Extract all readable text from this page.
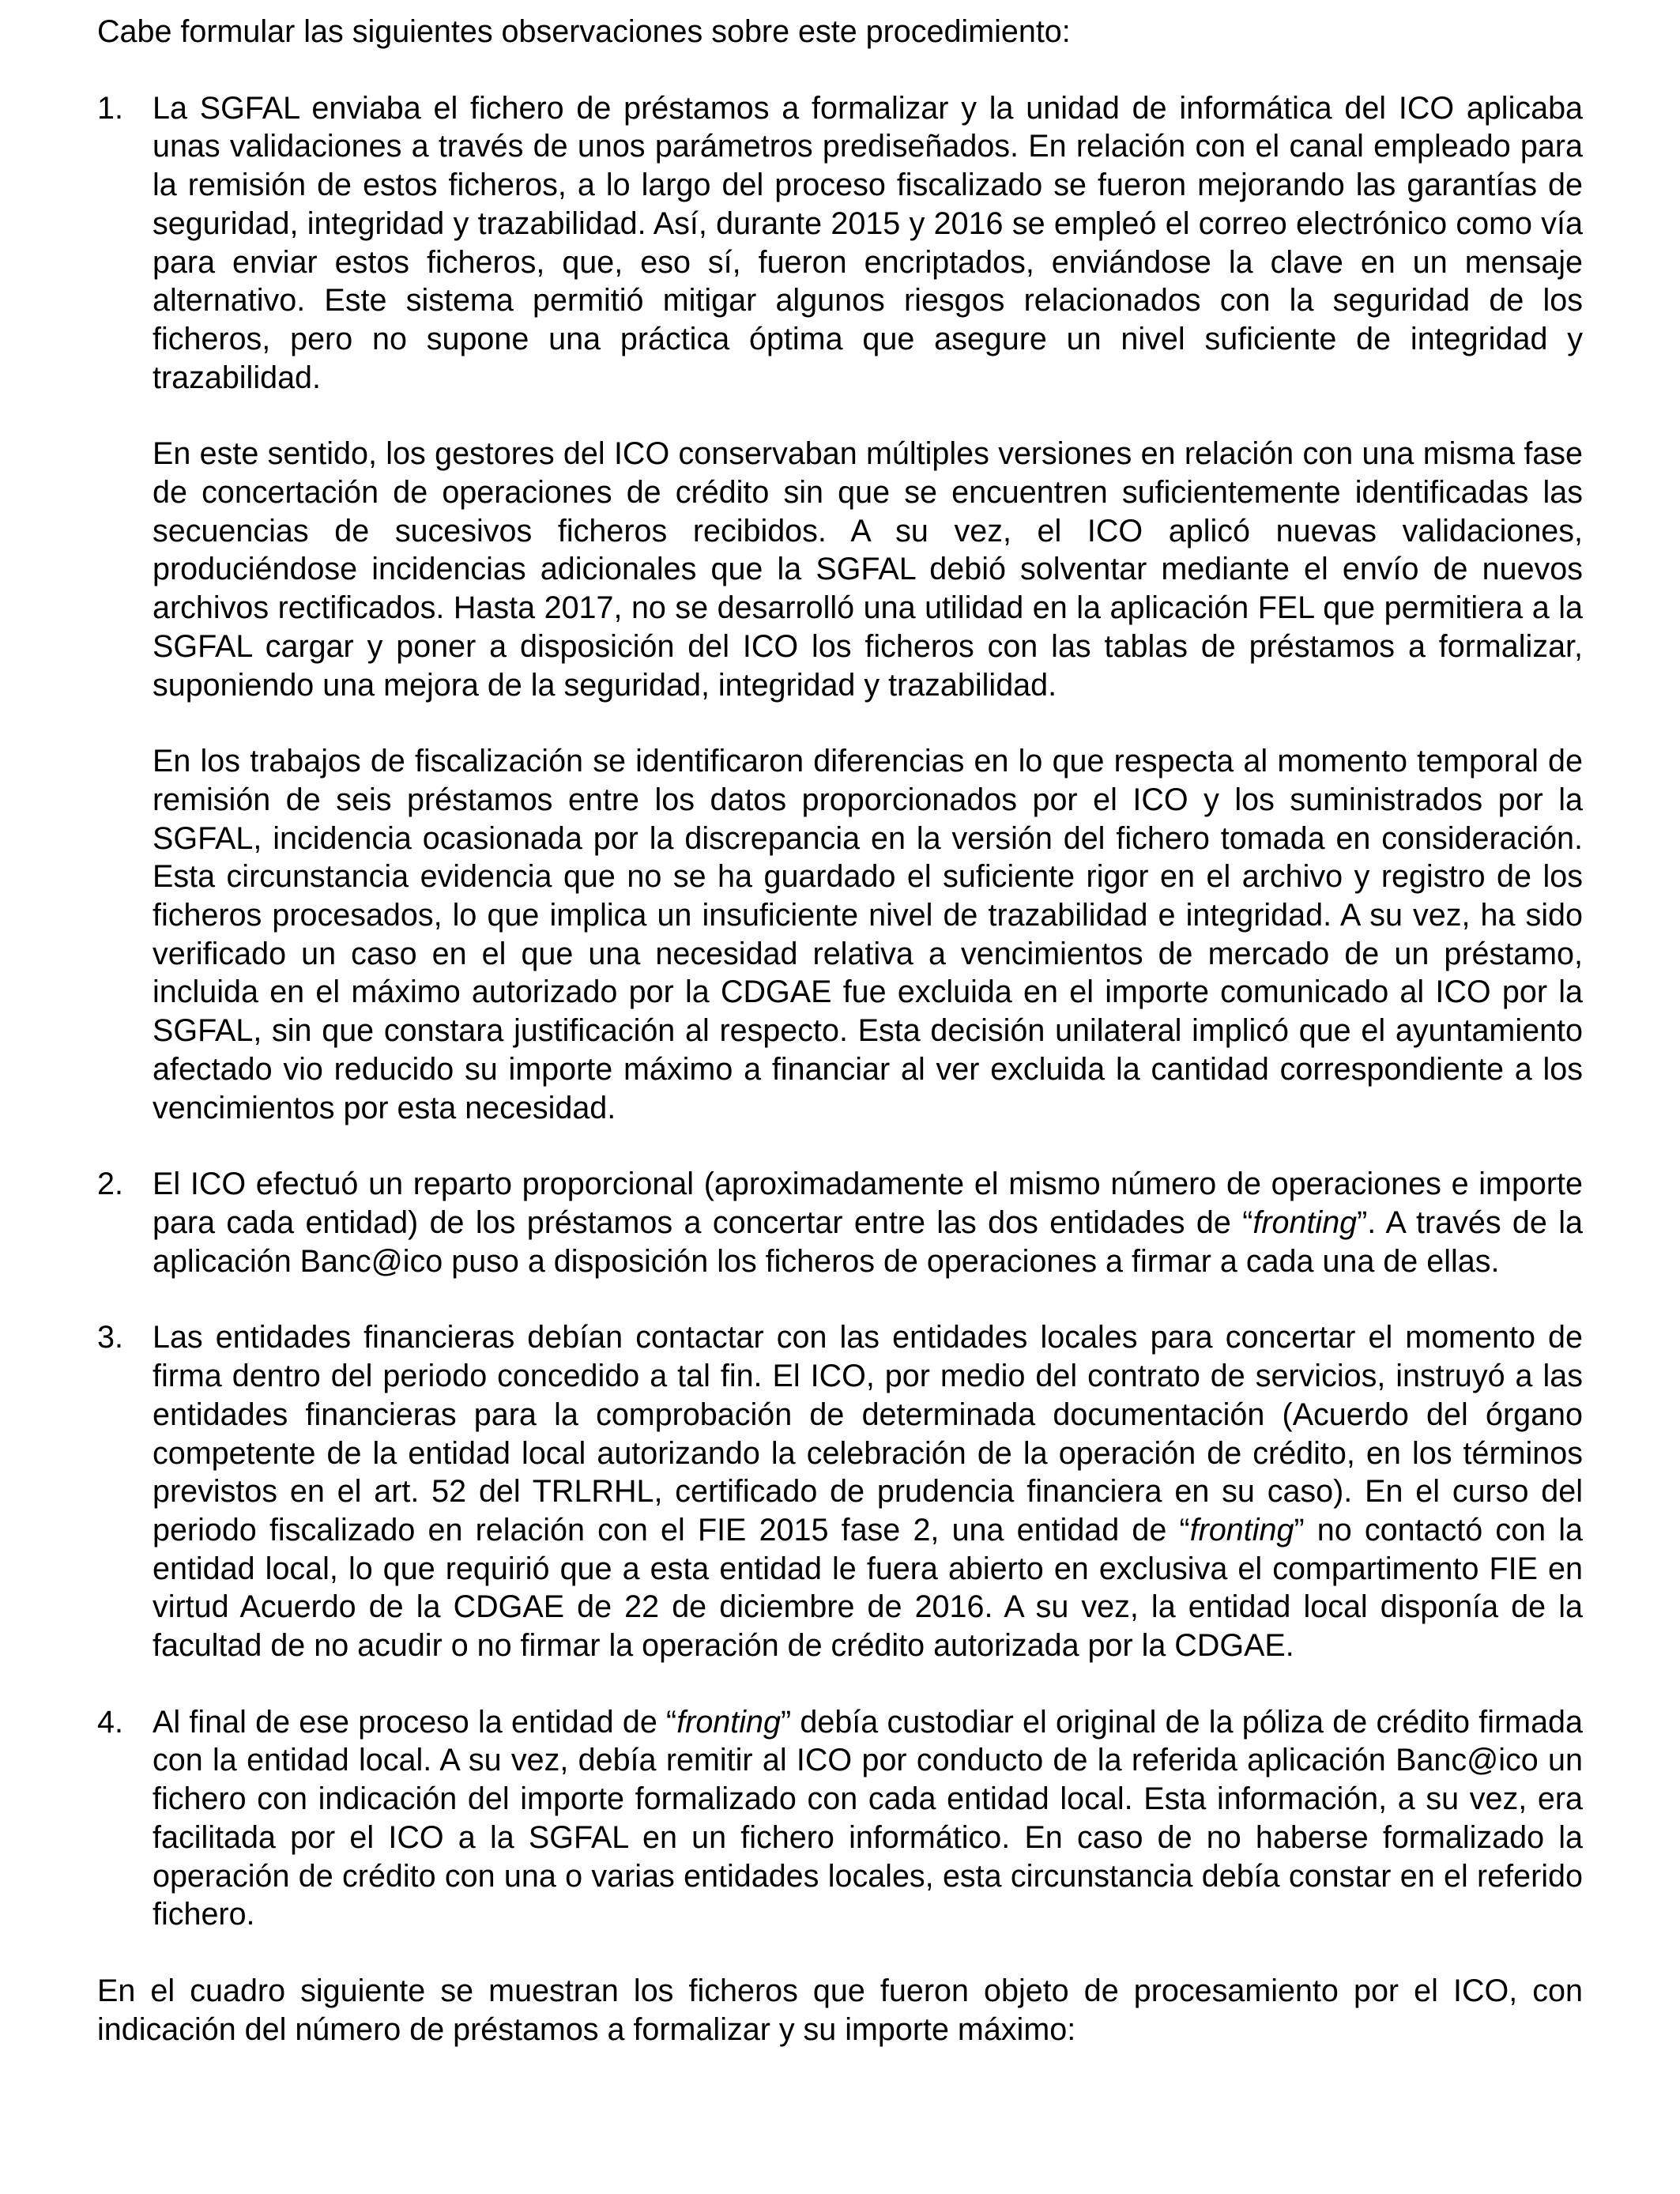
Cabe formular las siguientes observaciones sobre este procedimiento:

1. La SGFAL enviaba el fichero de préstamos a formalizar y la unidad de informática del ICO aplicaba unas validaciones a través de unos parámetros prediseñados. En relación con el canal empleado para la remisión de estos ficheros, a lo largo del proceso fiscalizado se fueron mejorando las garantías de seguridad, integridad y trazabilidad. Así, durante 2015 y 2016 se empleó el correo electrónico como vía para enviar estos ficheros, que, eso sí, fueron encriptados, enviándose la clave en un mensaje alternativo. Este sistema permitió mitigar algunos riesgos relacionados con la seguridad de los ficheros, pero no supone una práctica óptima que asegure un nivel suficiente de integridad y trazabilidad.

En este sentido, los gestores del ICO conservaban múltiples versiones en relación con una misma fase de concertación de operaciones de crédito sin que se encuentren suficientemente identificadas las secuencias de sucesivos ficheros recibidos. A su vez, el ICO aplicó nuevas validaciones, produciéndose incidencias adicionales que la SGFAL debió solventar mediante el envío de nuevos archivos rectificados. Hasta 2017, no se desarrolló una utilidad en la aplicación FEL que permitiera a la SGFAL cargar y poner a disposición del ICO los ficheros con las tablas de préstamos a formalizar, suponiendo una mejora de la seguridad, integridad y trazabilidad.

En los trabajos de fiscalización se identificaron diferencias en lo que respecta al momento temporal de remisión de seis préstamos entre los datos proporcionados por el ICO y los suministrados por la SGFAL, incidencia ocasionada por la discrepancia en la versión del fichero tomada en consideración. Esta circunstancia evidencia que no se ha guardado el suficiente rigor en el archivo y registro de los ficheros procesados, lo que implica un insuficiente nivel de trazabilidad e integridad. A su vez, ha sido verificado un caso en el que una necesidad relativa a vencimientos de mercado de un préstamo, incluida en el máximo autorizado por la CDGAE fue excluida en el importe comunicado al ICO por la SGFAL, sin que constara justificación al respecto. Esta decisión unilateral implicó que el ayuntamiento afectado vio reducido su importe máximo a financiar al ver excluida la cantidad correspondiente a los vencimientos por esta necesidad.

2. El ICO efectuó un reparto proporcional (aproximadamente el mismo número de operaciones e importe para cada entidad) de los préstamos a concertar entre las dos entidades de “fronting”. A través de la aplicación Banc@ico puso a disposición los ficheros de operaciones a firmar a cada una de ellas.

3. Las entidades financieras debían contactar con las entidades locales para concertar el momento de firma dentro del periodo concedido a tal fin. El ICO, por medio del contrato de servicios, instruyó a las entidades financieras para la comprobación de determinada documentación (Acuerdo del órgano competente de la entidad local autorizando la celebración de la operación de crédito, en los términos previstos en el art. 52 del TRLRHL, certificado de prudencia financiera en su caso). En el curso del periodo fiscalizado en relación con el FIE 2015 fase 2, una entidad de “fronting” no contactó con la entidad local, lo que requirió que a esta entidad le fuera abierto en exclusiva el compartimento FIE en virtud Acuerdo de la CDGAE de 22 de diciembre de 2016. A su vez, la entidad local disponía de la facultad de no acudir o no firmar la operación de crédito autorizada por la CDGAE.

4. Al final de ese proceso la entidad de “fronting” debía custodiar el original de la póliza de crédito firmada con la entidad local. A su vez, debía remitir al ICO por conducto de la referida aplicación Banc@ico un fichero con indicación del importe formalizado con cada entidad local. Esta información, a su vez, era facilitada por el ICO a la SGFAL en un fichero informático. En caso de no haberse formalizado la operación de crédito con una o varias entidades locales, esta circunstancia debía constar en el referido fichero.

En el cuadro siguiente se muestran los ficheros que fueron objeto de procesamiento por el ICO, con indicación del número de préstamos a formalizar y su importe máximo:
